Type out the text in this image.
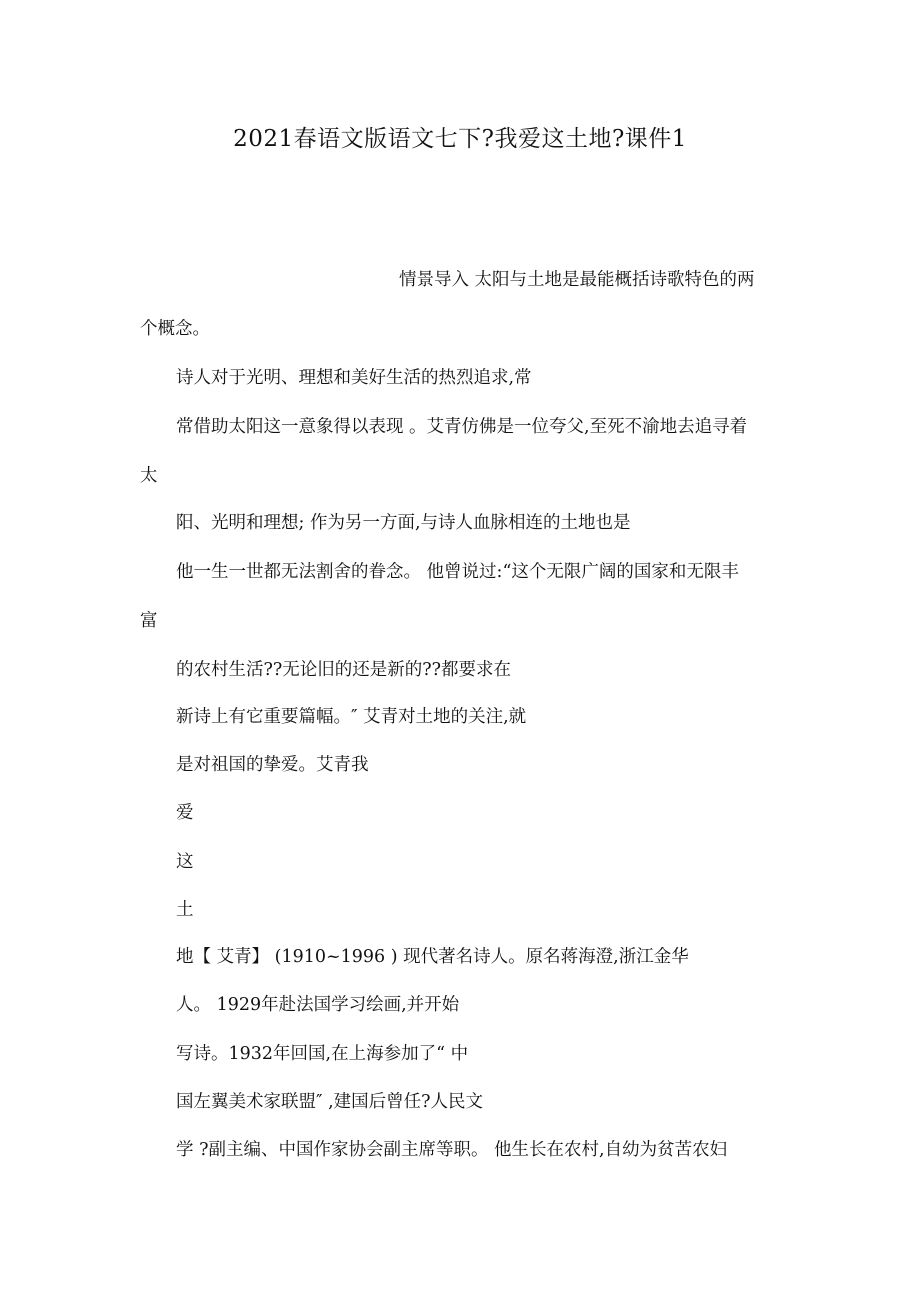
2021春语文版语文七下?我爱这土地?课件1
情景导入 太阳与土地是最能概括诗歌特色的两
个概念。
诗人对于光明、理想和美好生活的热烈追求,常
常借助太阳这一意象得以表现 。艾青仿佛是一位夸父,至死不渝地去追寻着
太
阳、光明和理想; 作为另一方面,与诗人血脉相连的土地也是
他一生一世都无法割舍的眷念。 他曾说过:“这个无限广阔的国家和无限丰
富
的农村生活??无论旧的还是新的??都要求在
新诗上有它重要篇幅。″ 艾青对土地的关注,就
是对祖国的挚爱。艾青我
爱
这
土
地【 艾青】 (1910~1996 ) 现代著名诗人。原名蒋海澄,浙江金华
人。 1929年赴法国学习绘画,并开始
写诗。1932年回国,在上海参加了“ 中
国左翼美术家联盟″ ,建国后曾任?人民文
学 ?副主编、中国作家协会副主席等职。 他生长在农村,自幼为贫苦农妇
